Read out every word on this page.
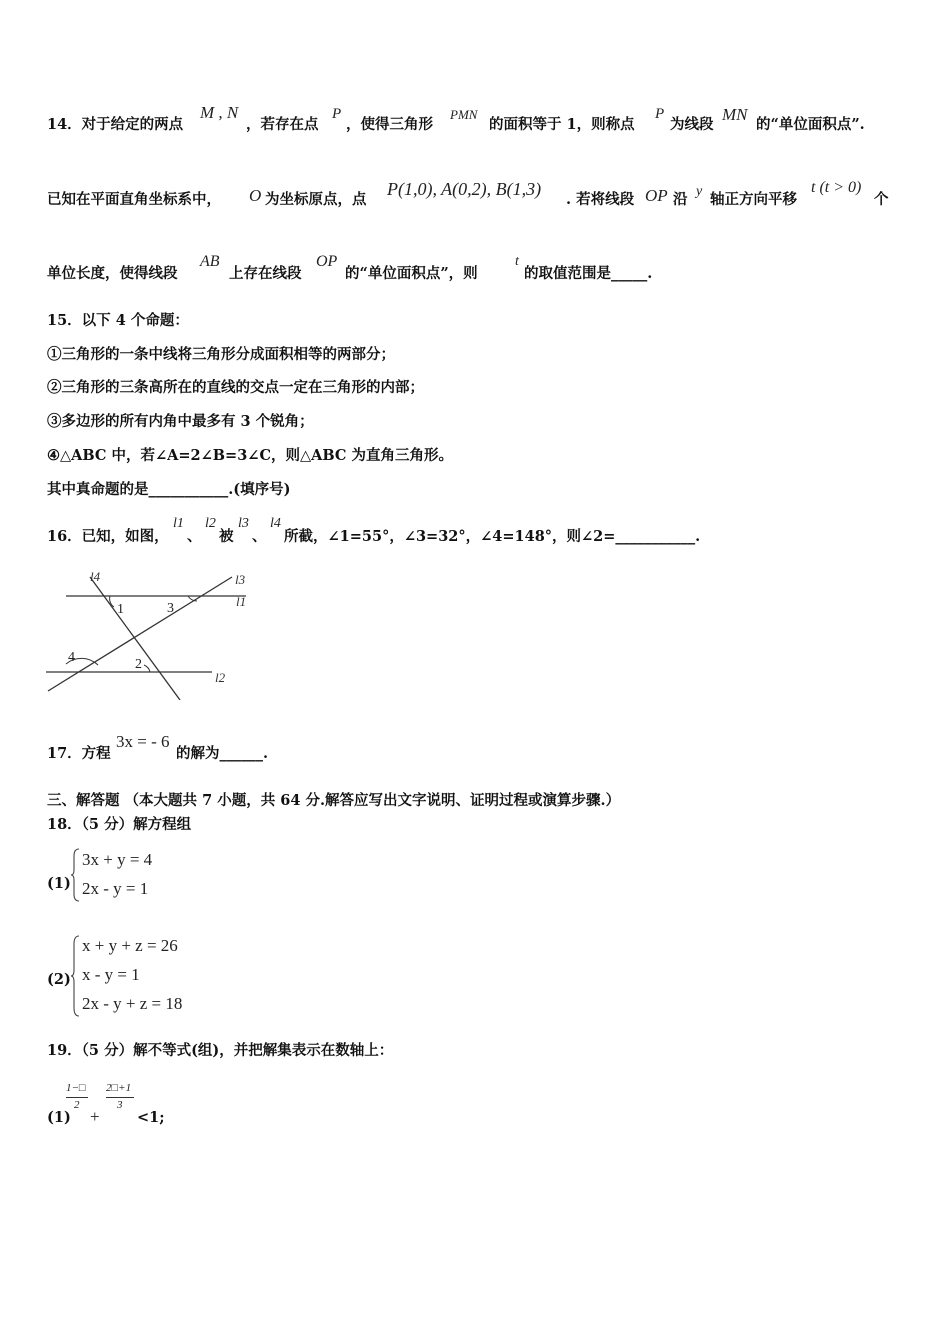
14．对于给定的两点
M , N
，若存在点
P
，使得三角形
PMN
的面积等于 1，则称点
P
为线段
MN
的“单位面积点”.
已知在平面直角坐标系中， O 为坐标原点，点
P(1,0), A(0,2), B(1,3)
. 若将线段 OP 沿 y 轴正方向平移
t (t > 0)
个
单位长度，使得线段
AB
上存在线段
OP
的“单位面积点”，则
t
的取值范围是_____.
15．以下 4 个命题：
①三角形的一条中线将三角形分成面积相等的两部分；
②三角形的三条高所在的直线的交点一定在三角形的内部；
③多边形的所有内角中最多有 3 个锐角；
④△ABC 中，若∠A=2∠B=3∠C，则△ABC 为直角三角形。
其中真命题的是___________.(填序号)
16．已知，如图，
l1
、
l2
被
l3
、
l4
所截，∠1=55°，∠3=32°，∠4=148°，则∠2=___________.
l4	l3
l1
l2
1	3
4	2
17．方程
3x = - 6
的解为______.
三、解答题 （本大题共 7 小题，共 64 分.解答应写出文字说明、证明过程或演算步骤.）
18．（5 分）解方程组
(1)
3x + y = 4
2x - y = 1
(2)
x + y + z = 26
x - y = 1
2x - y + z = 18
19．（5 分）解不等式(组)，并把解集表示在数轴上：
(1)
1−□
2
+
2□+1
3
<1;
